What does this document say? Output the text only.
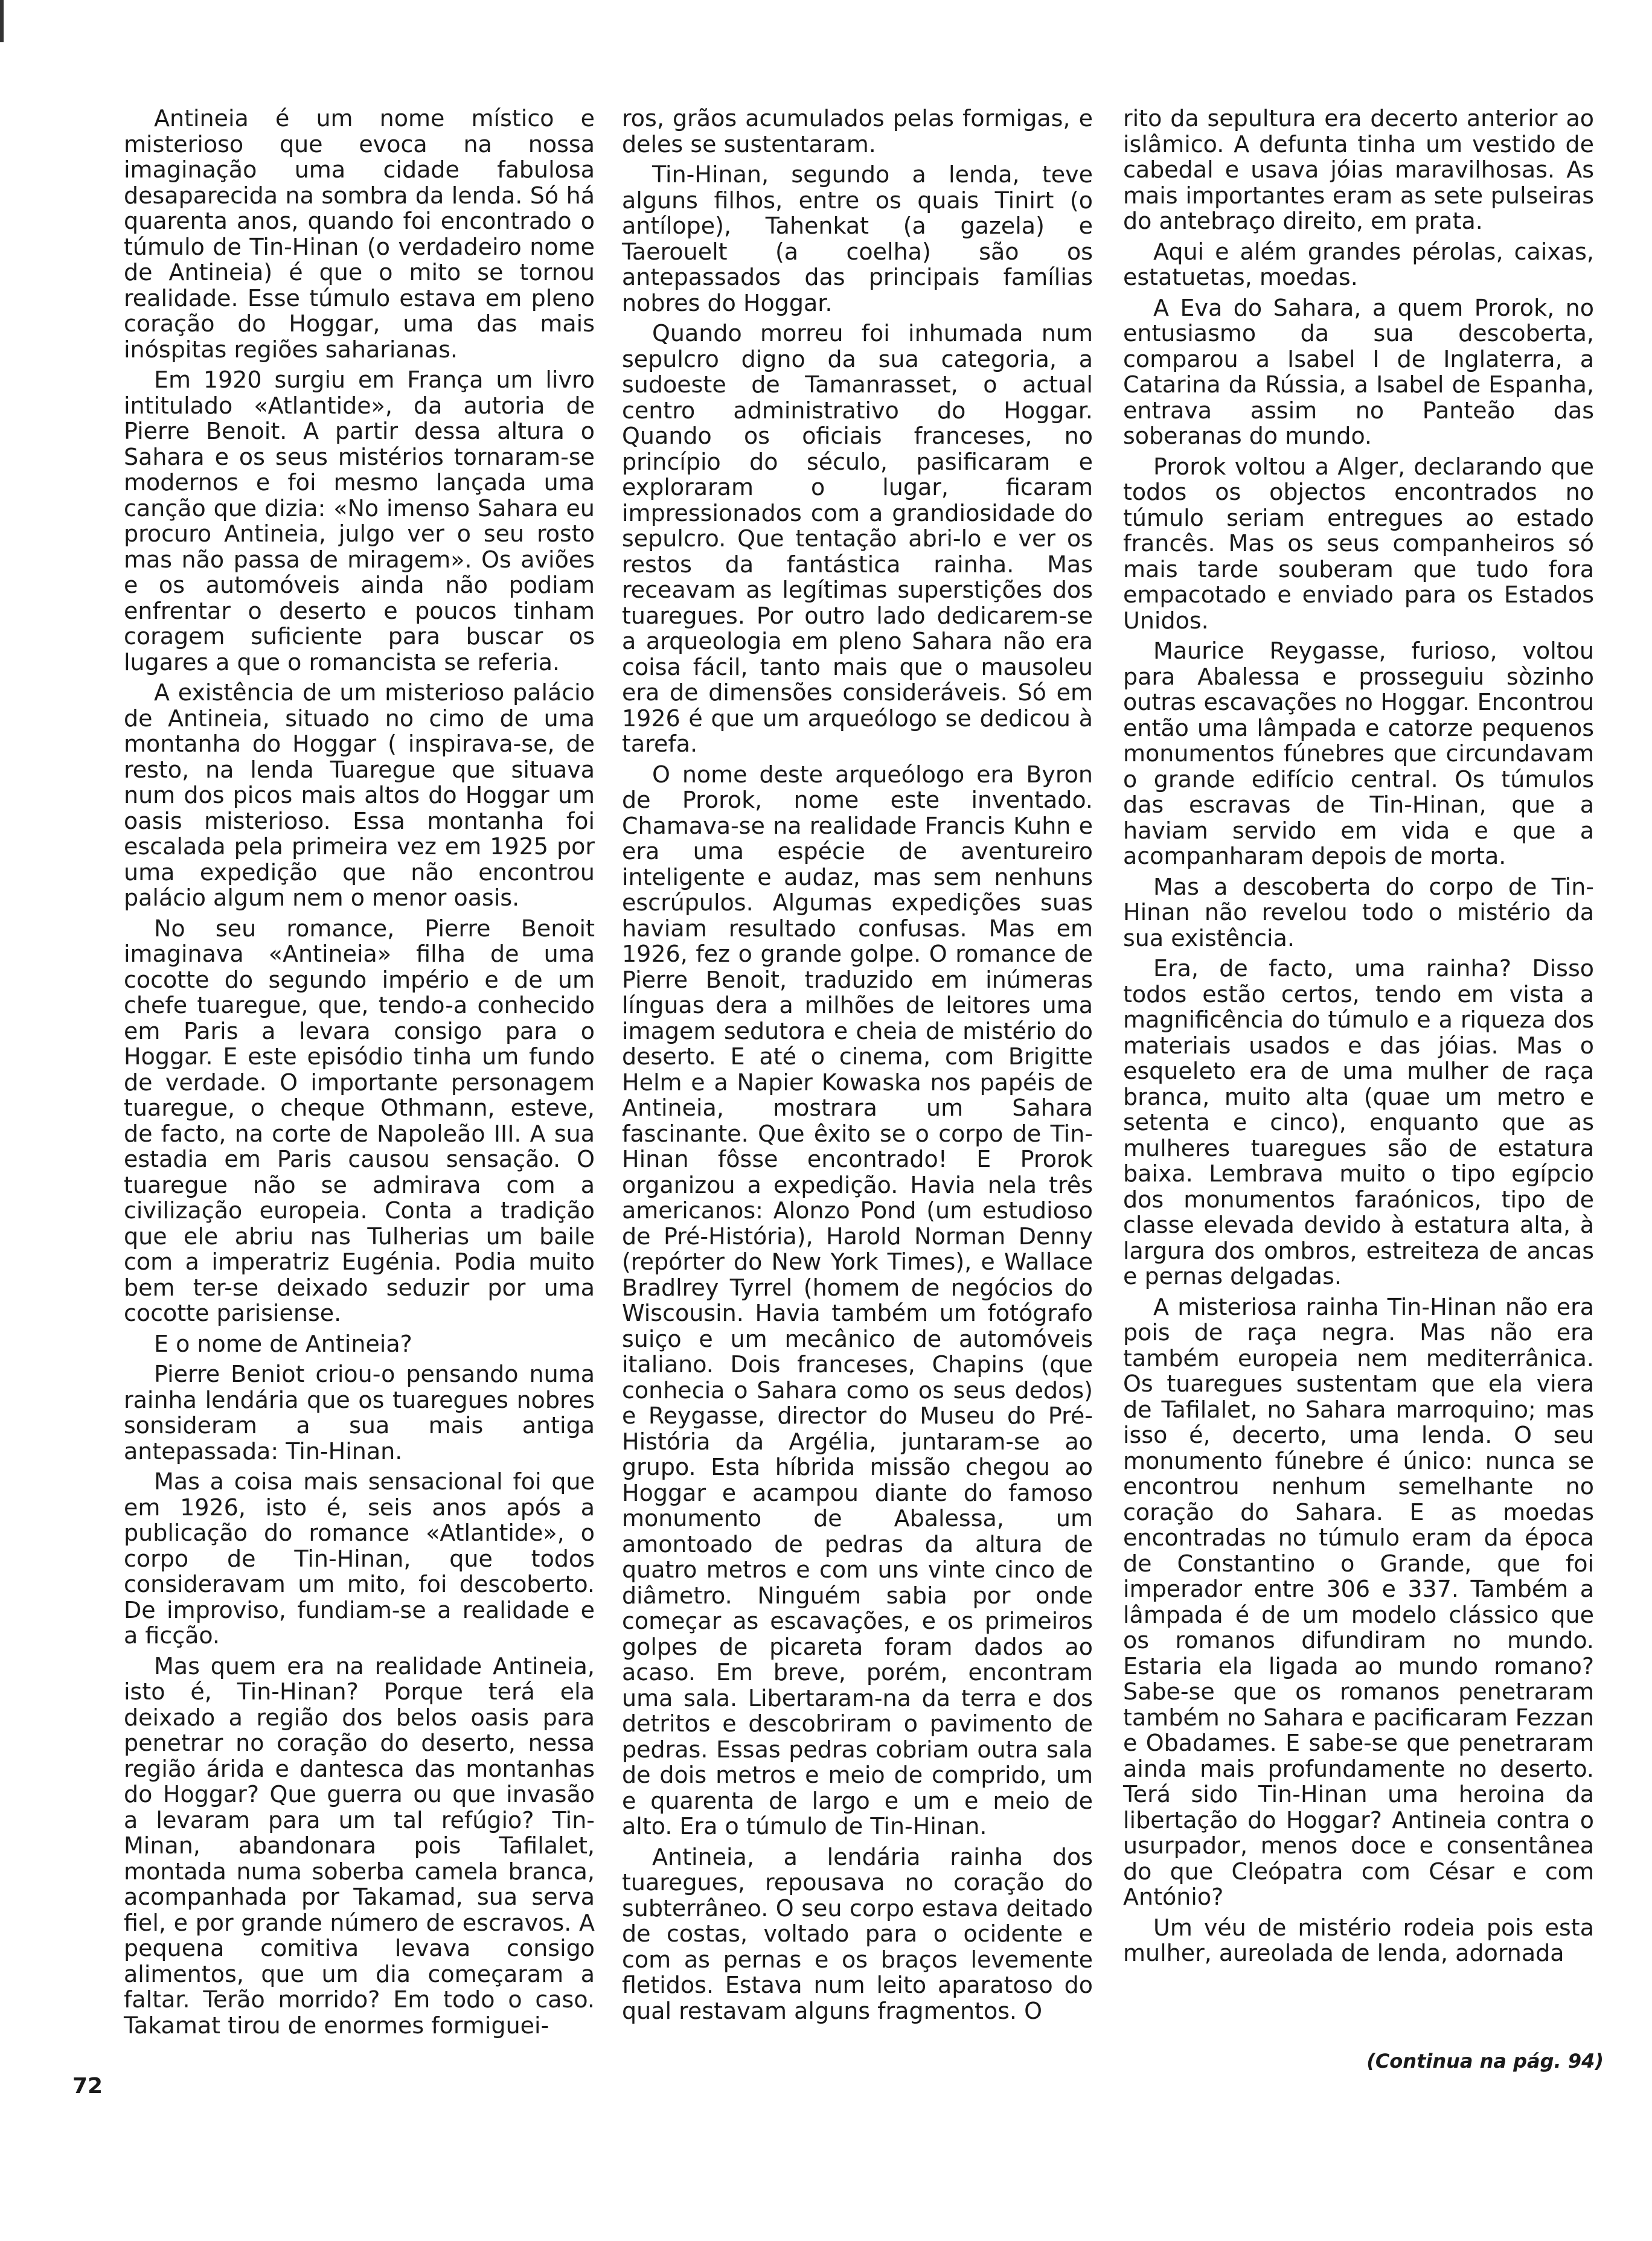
Antineia é um nome místico e misterioso que evoca na nossa imaginação uma cidade fabulosa desaparecida na sombra da lenda. Só há quarenta anos, quando foi encontrado o túmulo de Tin-Hinan (o verdadeiro nome de Antineia) é que o mito se tornou realidade. Esse túmulo estava em pleno coração do Hoggar, uma das mais inóspitas regiões saharianas.

Em 1920 surgiu em França um livro intitulado «Atlantide», da autoria de Pierre Benoit. A partir dessa altura o Sahara e os seus mistérios tornaram-se modernos e foi mesmo lançada uma canção que dizia: «No imenso Sahara eu procuro Antineia, julgo ver o seu rosto mas não passa de miragem». Os aviões e os automóveis ainda não podiam enfrentar o deserto e poucos tinham coragem suficiente para buscar os lugares a que o romancista se referia.

A existência de um misterioso palácio de Antineia, situado no cimo de uma montanha do Hoggar ( inspirava-se, de resto, na lenda Tuaregue que situava num dos picos mais altos do Hoggar um oasis misterioso. Essa montanha foi escalada pela primeira vez em 1925 por uma expedição que não encontrou palácio algum nem o menor oasis.

No seu romance, Pierre Benoit imaginava «Antineia» filha de uma cocotte do segundo império e de um chefe tuaregue, que, tendo-a conhecido em Paris a levara consigo para o Hoggar. E este episódio tinha um fundo de verdade. O importante personagem tuaregue, o cheque Othmann, esteve, de facto, na corte de Napoleão III. A sua estadia em Paris causou sensação. O tuaregue não se admirava com a civilização europeia. Conta a tradição que ele abriu nas Tulherias um baile com a imperatriz Eugénia. Podia muito bem ter-se deixado seduzir por uma cocotte parisiense.

E o nome de Antineia?

Pierre Beniot criou-o pensando numa rainha lendária que os tuaregues nobres sonsideram a sua mais antiga antepassada: Tin-Hinan.

Mas a coisa mais sensacional foi que em 1926, isto é, seis anos após a publicação do romance «Atlantide», o corpo de Tin-Hinan, que todos consideravam um mito, foi descoberto. De improviso, fundiam-se a realidade e a ficção.

Mas quem era na realidade Antineia, isto é, Tin-Hinan? Porque terá ela deixado a região dos belos oasis para penetrar no coração do deserto, nessa região árida e dantesca das montanhas do Hoggar? Que guerra ou que invasão a levaram para um tal refúgio? Tin-Minan, abandonara pois Tafilalet, montada numa soberba camela branca, acompanhada por Takamad, sua serva fiel, e por grande número de escravos. A pequena comitiva levava consigo alimentos, que um dia começaram a faltar. Terão morrido? Em todo o caso. Takamat tirou de enormes formiguei-

ros, grãos acumulados pelas formigas, e deles se sustentaram.

Tin-Hinan, segundo a lenda, teve alguns filhos, entre os quais Tinirt (o antílope), Tahenkat (a gazela) e Taerouelt (a coelha) são os antepassados das principais famílias nobres do Hoggar.

Quando morreu foi inhumada num sepulcro digno da sua categoria, a sudoeste de Tamanrasset, o actual centro administrativo do Hoggar. Quando os oficiais franceses, no princípio do século, pasificaram e exploraram o lugar, ficaram impressionados com a grandiosidade do sepulcro. Que tentação abri-lo e ver os restos da fantástica rainha. Mas receavam as legítimas superstições dos tuaregues. Por outro lado dedicarem-se a arqueologia em pleno Sahara não era coisa fácil, tanto mais que o mausoleu era de dimensões consideráveis. Só em 1926 é que um arqueólogo se dedicou à tarefa.

O nome deste arqueólogo era Byron de Prorok, nome este inventado. Chamava-se na realidade Francis Kuhn e era uma espécie de aventureiro inteligente e audaz, mas sem nenhuns escrúpulos. Algumas expedições suas haviam resultado confusas. Mas em 1926, fez o grande golpe. O romance de Pierre Benoit, traduzido em inúmeras línguas dera a milhões de leitores uma imagem sedutora e cheia de mistério do deserto. E até o cinema, com Brigitte Helm e a Napier Kowaska nos papéis de Antineia, mostrara um Sahara fascinante. Que êxito se o corpo de Tin-Hinan fôsse encontrado! E Prorok organizou a expedição. Havia nela três americanos: Alonzo Pond (um estudioso de Pré-História), Harold Norman Denny (repórter do New York Times), e Wallace Bradlrey Tyrrel (homem de negócios do Wiscousin. Havia também um fotógrafo suiço e um mecânico de automóveis italiano. Dois franceses, Chapins (que conhecia o Sahara como os seus dedos) e Reygasse, director do Museu do Pré-História da Argélia, juntaram-se ao grupo. Esta híbrida missão chegou ao Hoggar e acampou diante do famoso monumento de Abalessa, um amontoado de pedras da altura de quatro metros e com uns vinte cinco de diâmetro. Ninguém sabia por onde começar as escavações, e os primeiros golpes de picareta foram dados ao acaso. Em breve, porém, encontram uma sala. Libertaram-na da terra e dos detritos e descobriram o pavimento de pedras. Essas pedras cobriam outra sala de dois metros e meio de comprido, um e quarenta de largo e um e meio de alto. Era o túmulo de Tin-Hinan.

Antineia, a lendária rainha dos tuaregues, repousava no coração do subterrâneo. O seu corpo estava deitado de costas, voltado para o ocidente e com as pernas e os braços levemente fletidos. Estava num leito aparatoso do qual restavam alguns fragmentos. O

rito da sepultura era decerto anterior ao islâmico. A defunta tinha um vestido de cabedal e usava jóias maravilhosas. As mais importantes eram as sete pulseiras do antebraço direito, em prata.

Aqui e além grandes pérolas, caixas, estatuetas, moedas.

A Eva do Sahara, a quem Prorok, no entusiasmo da sua descoberta, comparou a Isabel I de Inglaterra, a Catarina da Rússia, a Isabel de Espanha, entrava assim no Panteão das soberanas do mundo.

Prorok voltou a Alger, declarando que todos os objectos encontrados no túmulo seriam entregues ao estado francês. Mas os seus companheiros só mais tarde souberam que tudo fora empacotado e enviado para os Estados Unidos.

Maurice Reygasse, furioso, voltou para Abalessa e prosseguiu sòzinho outras escavações no Hoggar. Encontrou então uma lâmpada e catorze pequenos monumentos fúnebres que circundavam o grande edifício central. Os túmulos das escravas de Tin-Hinan, que a haviam servido em vida e que a acompanharam depois de morta.

Mas a descoberta do corpo de Tin-Hinan não revelou todo o mistério da sua existência.

Era, de facto, uma rainha? Disso todos estão certos, tendo em vista a magnificência do túmulo e a riqueza dos materiais usados e das jóias. Mas o esqueleto era de uma mulher de raça branca, muito alta (quae um metro e setenta e cinco), enquanto que as mulheres tuaregues são de estatura baixa. Lembrava muito o tipo egípcio dos monumentos faraónicos, tipo de classe elevada devido à estatura alta, à largura dos ombros, estreiteza de ancas e pernas delgadas.

A misteriosa rainha Tin-Hinan não era pois de raça negra. Mas não era também europeia nem mediterrânica. Os tuaregues sustentam que ela viera de Tafilalet, no Sahara marroquino; mas isso é, decerto, uma lenda. O seu monumento fúnebre é único: nunca se encontrou nenhum semelhante no coração do Sahara. E as moedas encontradas no túmulo eram da época de Constantino o Grande, que foi imperador entre 306 e 337. Também a lâmpada é de um modelo clássico que os romanos difundiram no mundo. Estaria ela ligada ao mundo romano? Sabe-se que os romanos penetraram também no Sahara e pacificaram Fezzan e Obadames. E sabe-se que penetraram ainda mais profundamente no deserto. Terá sido Tin-Hinan uma heroina da libertação do Hoggar? Antineia contra o usurpador, menos doce e consentânea do que Cleópatra com César e com António?

Um véu de mistério rodeia pois esta mulher, aureolada de lenda, adornada

72
(Continua na pág. 94)
